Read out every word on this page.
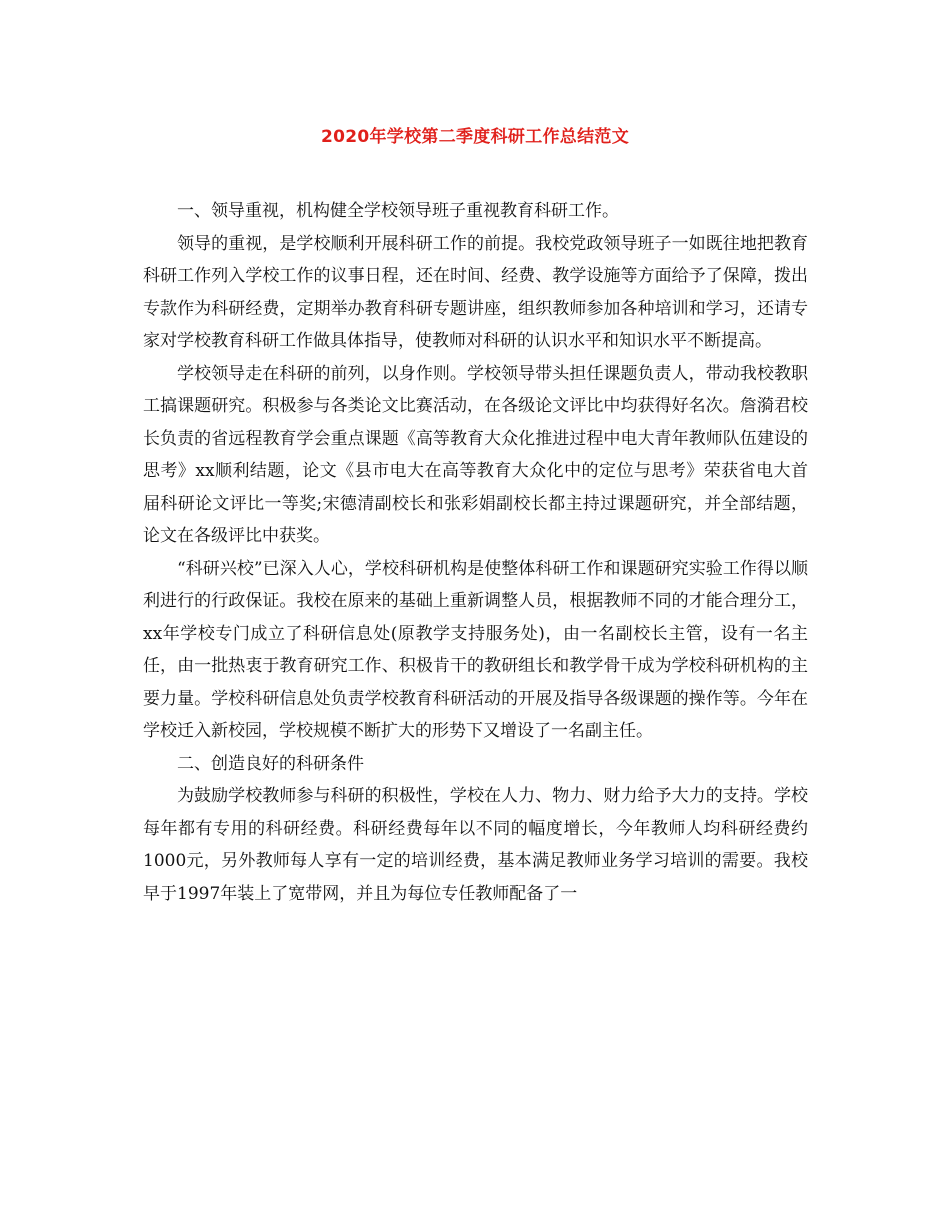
2020年学校第二季度科研工作总结范文

一、领导重视，机构健全学校领导班子重视教育科研工作。

领导的重视，是学校顺利开展科研工作的前提。我校党政领导班子一如既往地把教育科研工作列入学校工作的议事日程，还在时间、经费、教学设施等方面给予了保障，拨出专款作为科研经费，定期举办教育科研专题讲座，组织教师参加各种培训和学习，还请专家对学校教育科研工作做具体指导，使教师对科研的认识水平和知识水平不断提高。

学校领导走在科研的前列，以身作则。学校领导带头担任课题负责人，带动我校教职工搞课题研究。积极参与各类论文比赛活动，在各级论文评比中均获得好名次。詹漪君校长负责的省远程教育学会重点课题《高等教育大众化推进过程中电大青年教师队伍建设的思考》xx顺利结题，论文《县市电大在高等教育大众化中的定位与思考》荣获省电大首届科研论文评比一等奖;宋德清副校长和张彩娟副校长都主持过课题研究，并全部结题，论文在各级评比中获奖。

“科研兴校”已深入人心，学校科研机构是使整体科研工作和课题研究实验工作得以顺利进行的行政保证。我校在原来的基础上重新调整人员，根据教师不同的才能合理分工，xx年学校专门成立了科研信息处(原教学支持服务处)，由一名副校长主管，设有一名主任，由一批热衷于教育研究工作、积极肯干的教研组长和教学骨干成为学校科研机构的主要力量。学校科研信息处负责学校教育科研活动的开展及指导各级课题的操作等。今年在学校迁入新校园，学校规模不断扩大的形势下又增设了一名副主任。

二、创造良好的科研条件

为鼓励学校教师参与科研的积极性，学校在人力、物力、财力给予大力的支持。学校每年都有专用的科研经费。科研经费每年以不同的幅度增长，今年教师人均科研经费约1000元，另外教师每人享有一定的培训经费，基本满足教师业务学习培训的需要。我校早于1997年装上了宽带网，并且为每位专任教师配备了一
